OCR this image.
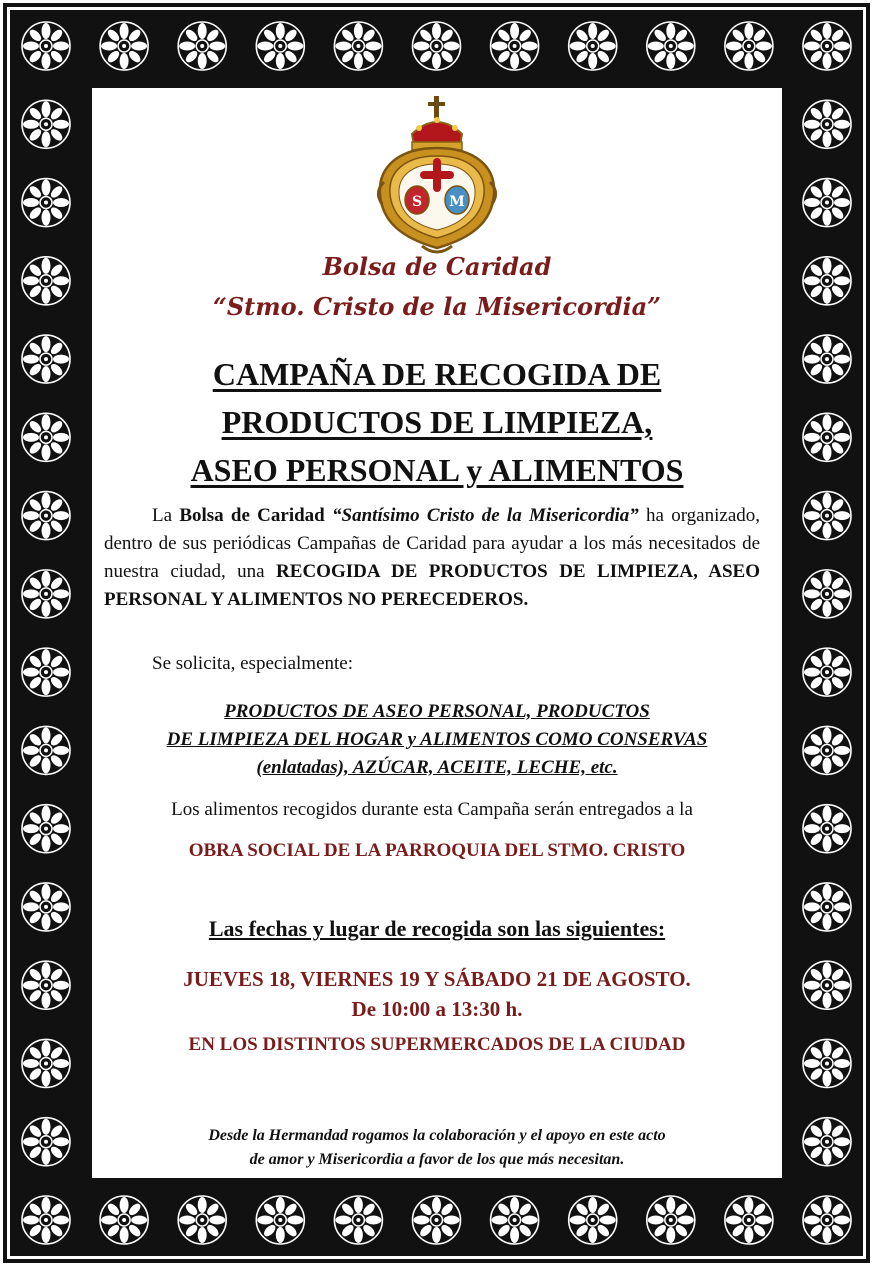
S M
Bolsa de Caridad
“Stmo. Cristo de la Misericordia”
CAMPAÑA DE RECOGIDA DE
PRODUCTOS DE LIMPIEZA,
ASEO PERSONAL y ALIMENTOS
La Bolsa de Caridad “Santísimo Cristo de la Misericordia” ha organizado, dentro de sus periódicas Campañas de Caridad para ayudar a los más necesitados de nuestra ciudad, una RECOGIDA DE PRODUCTOS DE LIMPIEZA, ASEO PERSONAL Y ALIMENTOS NO PERECEDEROS.
Se solicita, especialmente:
PRODUCTOS DE ASEO PERSONAL, PRODUCTOS
DE LIMPIEZA DEL HOGAR y ALIMENTOS COMO CONSERVAS
(enlatadas), AZÚCAR, ACEITE, LECHE, etc.
Los alimentos recogidos durante esta Campaña serán entregados a la
OBRA SOCIAL DE LA PARROQUIA DEL STMO. CRISTO
Las fechas y lugar de recogida son las siguientes:
JUEVES 18, VIERNES 19 Y SÁBADO 21 DE AGOSTO.
De 10:00 a 13:30 h.
EN LOS DISTINTOS SUPERMERCADOS DE LA CIUDAD
Desde la Hermandad rogamos la colaboración y el apoyo en este acto
de amor y Misericordia a favor de los que más necesitan.
